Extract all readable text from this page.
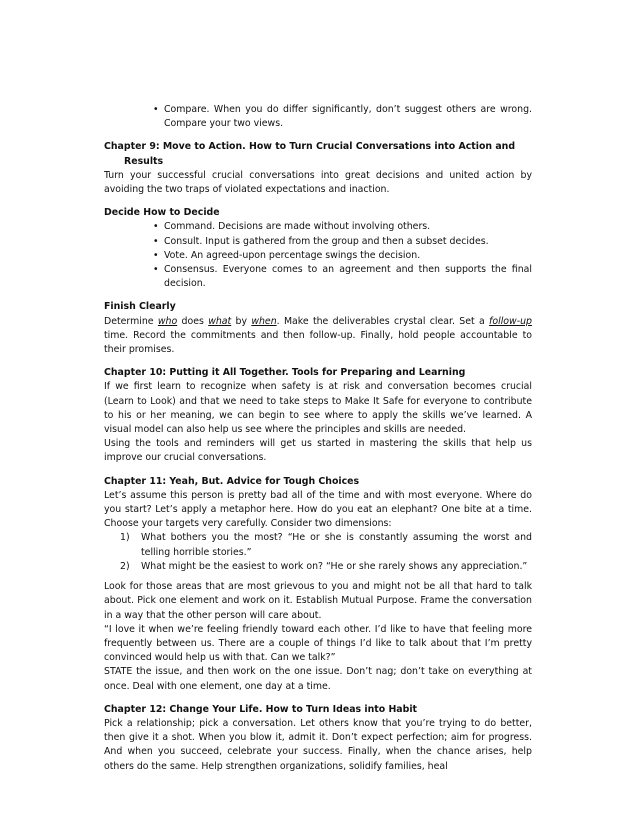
• Compare. When you do differ significantly, don’t suggest others are wrong. Compare your two views.

Chapter 9: Move to Action. How to Turn Crucial Conversations into Action and

Results

Turn your successful crucial conversations into great decisions and united action by avoiding the two traps of violated expectations and inaction.

Decide How to Decide

• Command. Decisions are made without involving others.

• Consult. Input is gathered from the group and then a subset decides.

• Vote. An agreed-upon percentage swings the decision.

• Consensus. Everyone comes to an agreement and then supports the final decision.

Finish Clearly

Determine who does what by when. Make the deliverables crystal clear. Set a follow-up time. Record the commitments and then follow-up. Finally, hold people accountable to their promises.

Chapter 10: Putting it All Together. Tools for Preparing and Learning

If we first learn to recognize when safety is at risk and conversation becomes crucial (Learn to Look) and that we need to take steps to Make It Safe for everyone to contribute to his or her meaning, we can begin to see where to apply the skills we’ve learned. A visual model can also help us see where the principles and skills are needed.

Using the tools and reminders will get us started in mastering the skills that help us improve our crucial conversations.

Chapter 11: Yeah, But. Advice for Tough Choices

Let’s assume this person is pretty bad all of the time and with most everyone. Where do you start? Let’s apply a metaphor here. How do you eat an elephant? One bite at a time. Choose your targets very carefully. Consider two dimensions:

1) What bothers you the most? “He or she is constantly assuming the worst and telling horrible stories.”

2) What might be the easiest to work on? “He or she rarely shows any appreciation.”

Look for those areas that are most grievous to you and might not be all that hard to talk about. Pick one element and work on it. Establish Mutual Purpose. Frame the conversation in a way that the other person will care about.

“I love it when we’re feeling friendly toward each other. I’d like to have that feeling more frequently between us. There are a couple of things I’d like to talk about that I’m pretty convinced would help us with that. Can we talk?”

STATE the issue, and then work on the one issue. Don’t nag; don’t take on everything at once. Deal with one element, one day at a time.

Chapter 12: Change Your Life. How to Turn Ideas into Habit

Pick a relationship; pick a conversation. Let others know that you’re trying to do better, then give it a shot. When you blow it, admit it. Don’t expect perfection; aim for progress. And when you succeed, celebrate your success. Finally, when the chance arises, help others do the same. Help strengthen organizations, solidify families, heal
